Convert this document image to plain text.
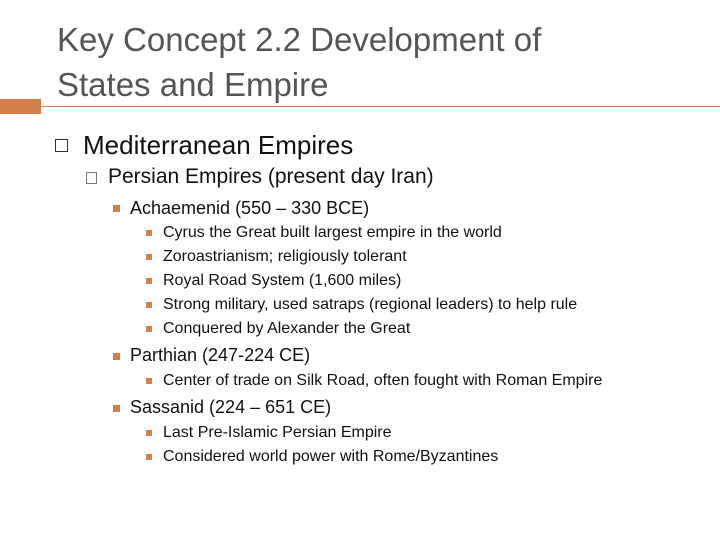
Key Concept 2.2 Development of
States and Empire
Mediterranean Empires
Persian Empires (present day Iran)
Achaemenid (550 – 330 BCE)
Cyrus the Great built largest empire in the world
Zoroastrianism; religiously tolerant
Royal Road System (1,600 miles)
Strong military, used satraps (regional leaders) to help rule
Conquered by Alexander the Great
Parthian (247-224 CE)
Center of trade on Silk Road, often fought with Roman Empire
Sassanid (224 – 651 CE)
Last Pre-Islamic Persian Empire
Considered world power with Rome/Byzantines
